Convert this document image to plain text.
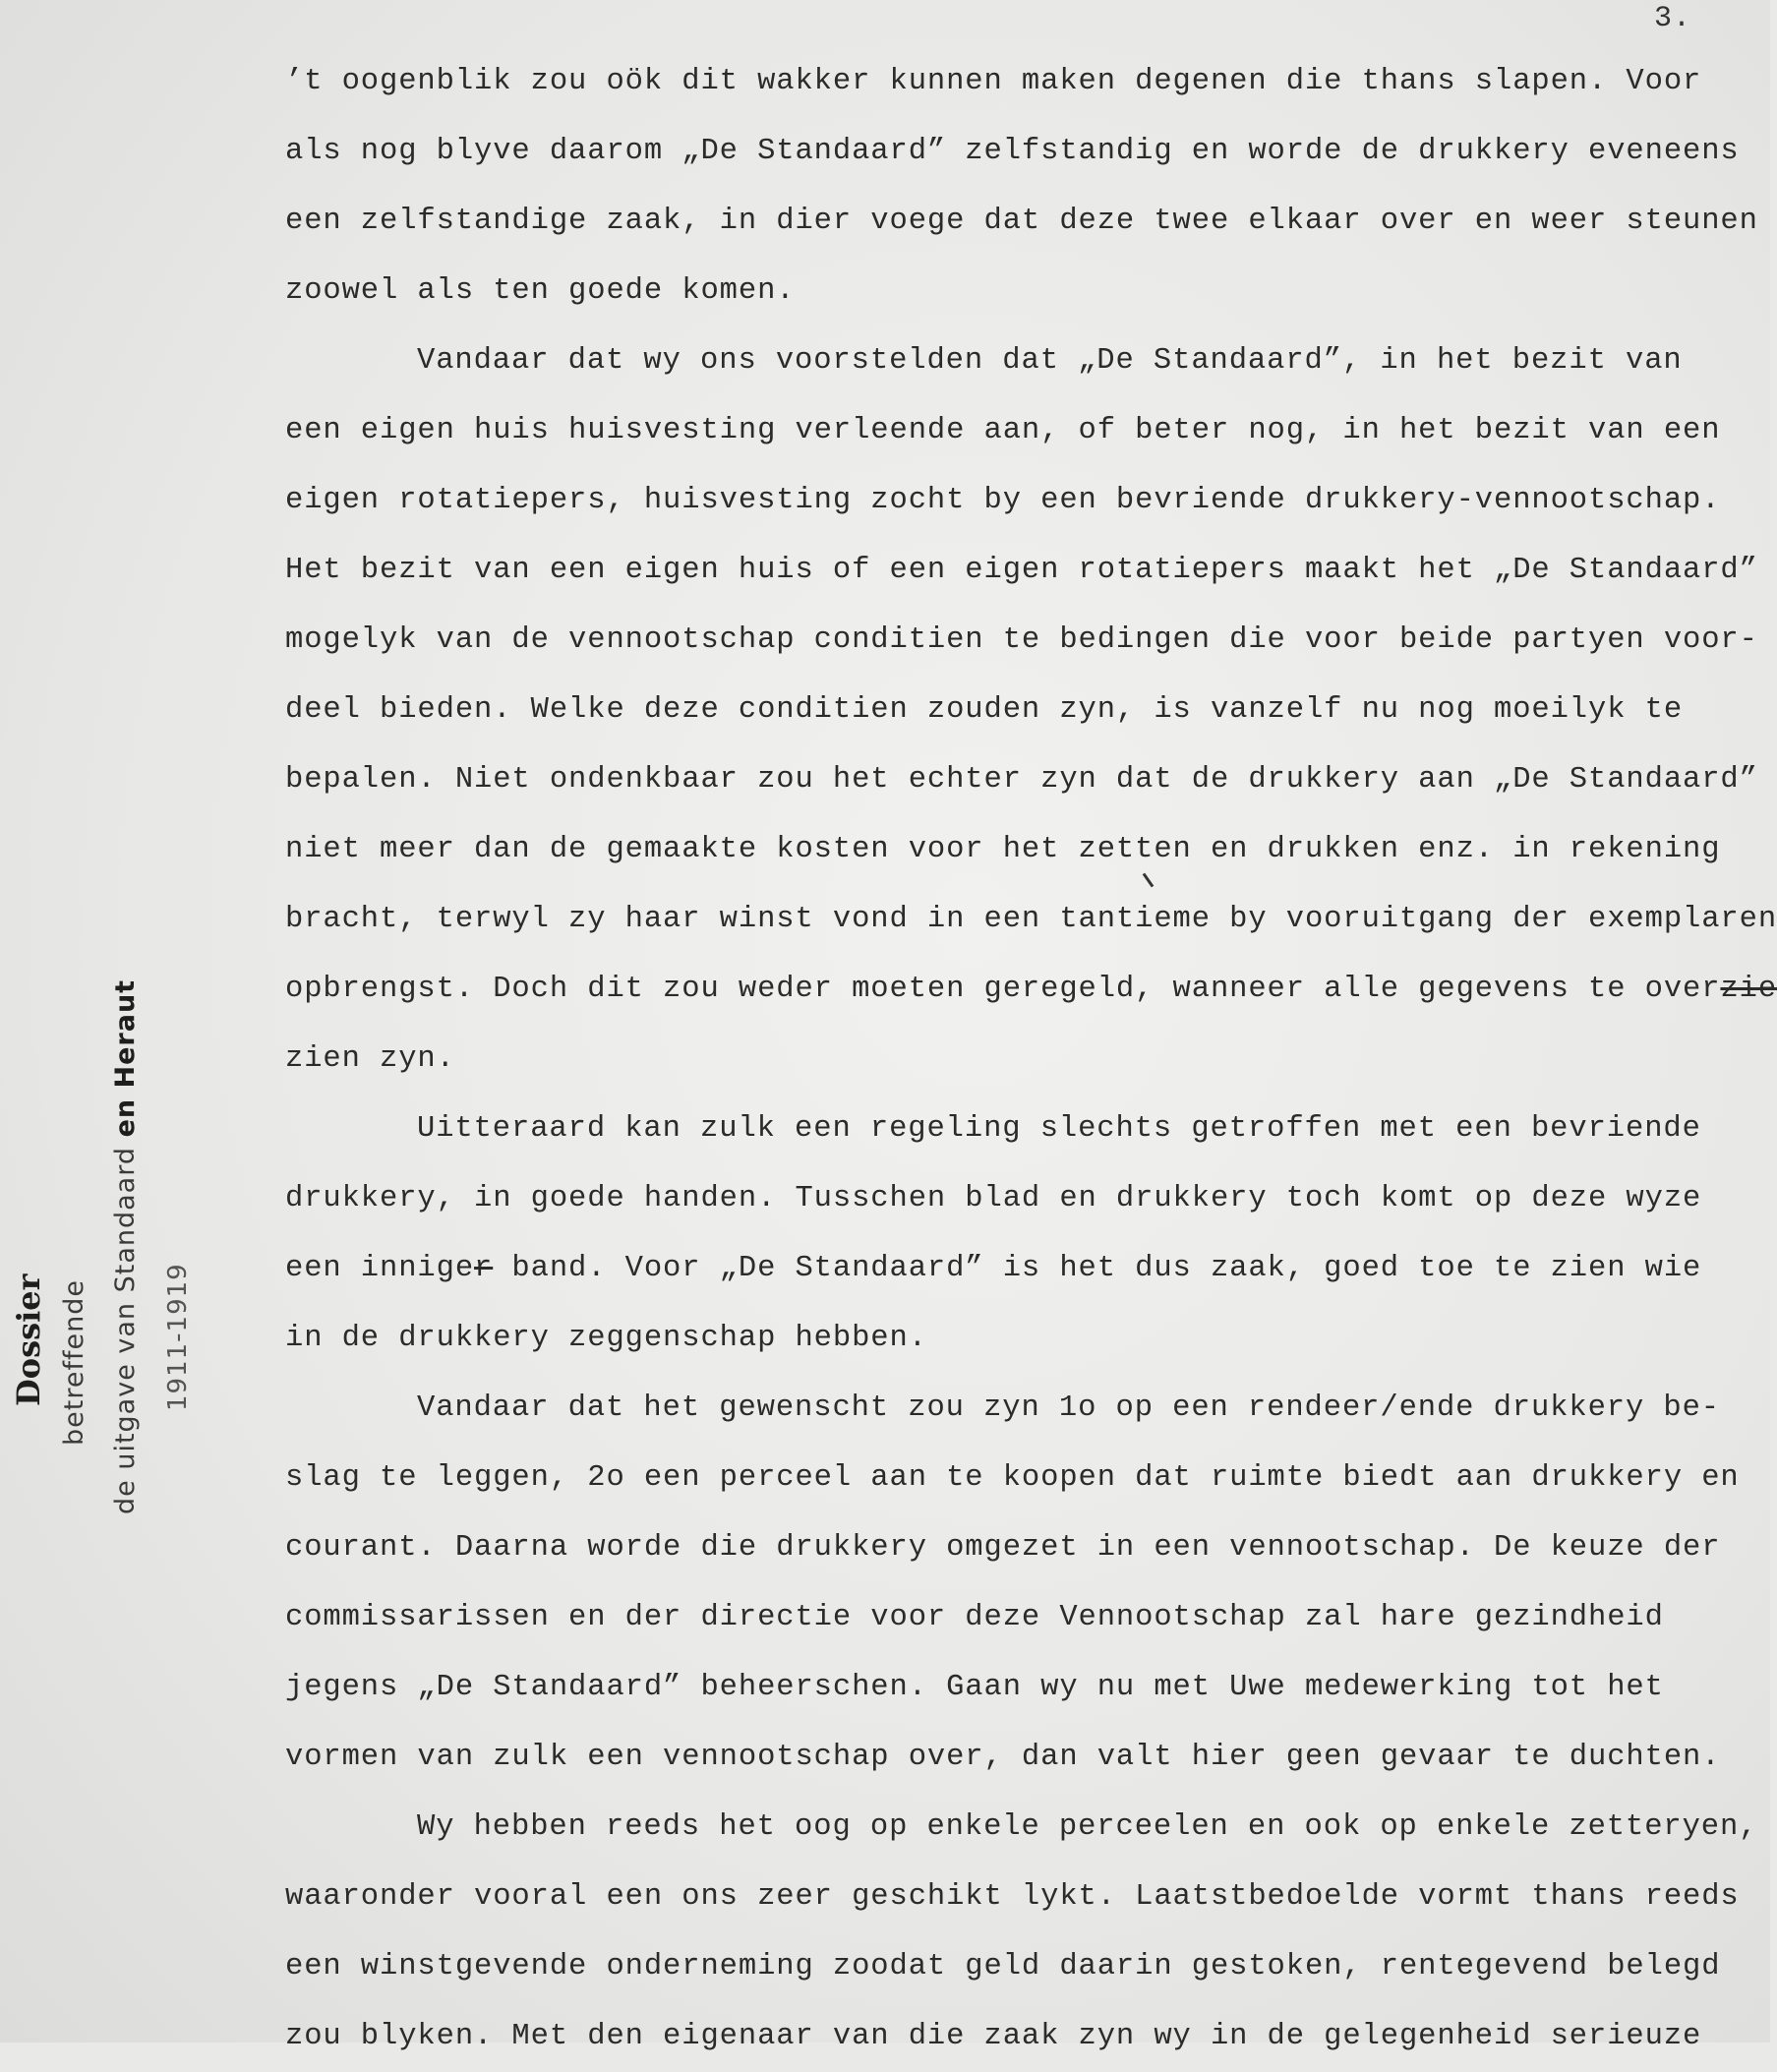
3.
’t oogenblik zou oök dit wakker kunnen maken degenen die thans slapen. Voor
als nog blyve daarom „De Standaard” zelfstandig en worde de drukkery eveneens
een zelfstandige zaak, in dier voege dat deze twee elkaar over en weer steunen
zoowel als ten goede komen.
Vandaar dat wy ons voorstelden dat „De Standaard”, in het bezit van
een eigen huis huisvesting verleende aan, of beter nog, in het bezit van een
eigen rotatiepers, huisvesting zocht by een bevriende drukkery-vennootschap.
Het bezit van een eigen huis of een eigen rotatiepers maakt het „De Standaard”
mogelyk van de vennootschap conditien te bedingen die voor beide partyen voor-
deel bieden. Welke deze conditien zouden zyn, is vanzelf nu nog moeilyk te
bepalen. Niet ondenkbaar zou het echter zyn dat de drukkery aan „De Standaard”
niet meer dan de gemaakte kosten voor het zetten en drukken enz. in rekening
bracht, terwyl zy haar winst vond in een tantieme by vooruitgang der exemplaren
opbrengst. Doch dit zou weder moeten geregeld, wanneer alle gegevens te overzie
zien zyn.
Uitteraard kan zulk een regeling slechts getroffen met een bevriende
drukkery, in goede handen. Tusschen blad en drukkery toch komt op deze wyze
een inniger band. Voor „De Standaard” is het dus zaak, goed toe te zien wie
in de drukkery zeggenschap hebben.
Vandaar dat het gewenscht zou zyn 1o op een rendeer/ende drukkery be-
slag te leggen, 2o een perceel aan te koopen dat ruimte biedt aan drukkery en
courant. Daarna worde die drukkery omgezet in een vennootschap. De keuze der
commissarissen en der directie voor deze Vennootschap zal hare gezindheid
jegens „De Standaard” beheerschen. Gaan wy nu met Uwe medewerking tot het
vormen van zulk een vennootschap over, dan valt hier geen gevaar te duchten.
Wy hebben reeds het oog op enkele perceelen en ook op enkele zetteryen,
waaronder vooral een ons zeer geschikt lykt. Laatstbedoelde vormt thans reeds
een winstgevende onderneming zoodat geld daarin gestoken, rentegevend belegd
zou blyken. Met den eigenaar van die zaak zyn wy in de gelegenheid serieuze
Dossier betreffende de uitgave van Standaard en Heraut
1911-1919
